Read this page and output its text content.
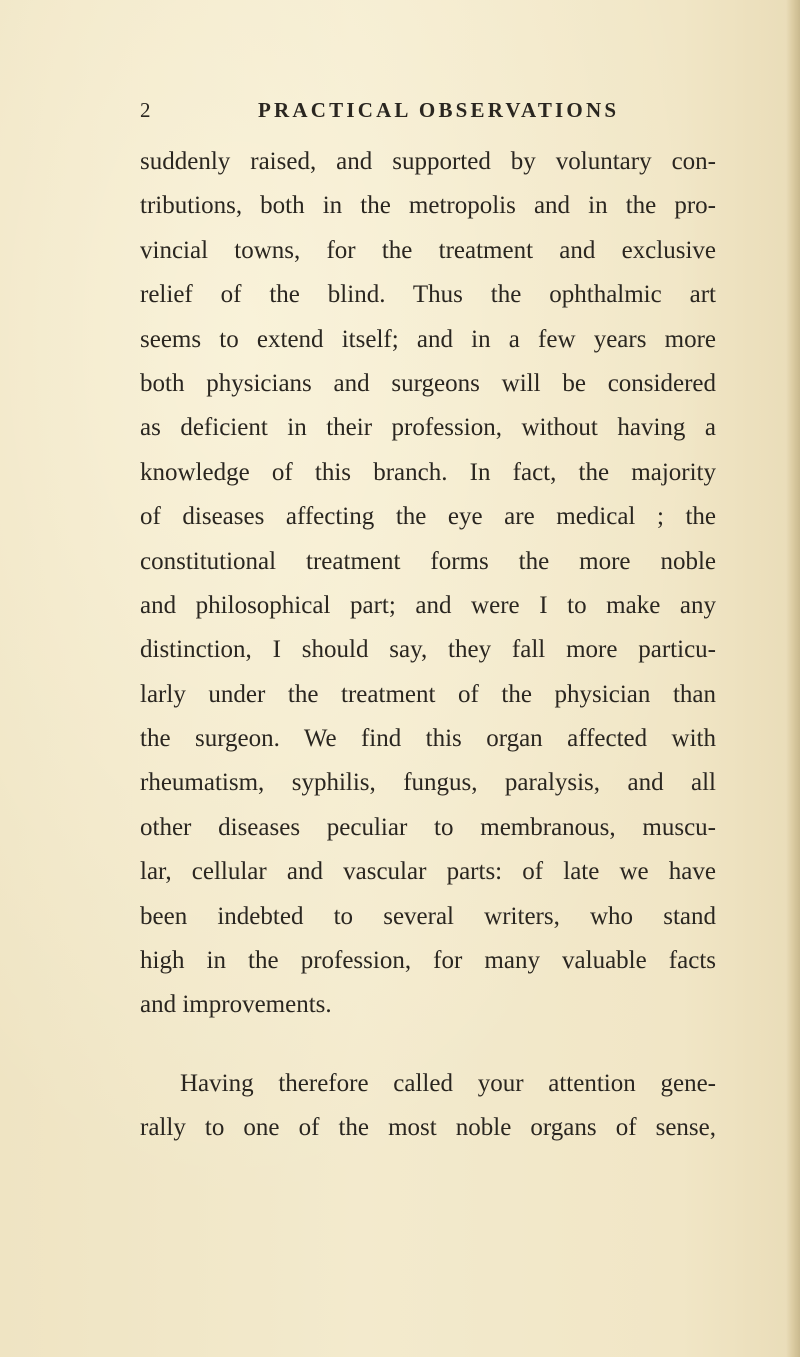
2	PRACTICAL OBSERVATIONS
suddenly raised, and supported by voluntary con-
tributions, both in the metropolis and in the pro-
vincial towns, for the treatment and exclusive
relief of the blind. Thus the ophthalmic art
seems to extend itself; and in a few years more
both physicians and surgeons will be considered
as deficient in their profession, without having a
knowledge of this branch. In fact, the majority
of diseases affecting the eye are medical ; the
constitutional treatment forms the more noble
and philosophical part; and were I to make any
distinction, I should say, they fall more particu-
larly under the treatment of the physician than
the surgeon. We find this organ affected with
rheumatism, syphilis, fungus, paralysis, and all
other diseases peculiar to membranous, muscu-
lar, cellular and vascular parts: of late we have
been indebted to several writers, who stand
high in the profession, for many valuable facts
and improvements.
Having therefore called your attention gene-
rally to one of the most noble organs of sense,
